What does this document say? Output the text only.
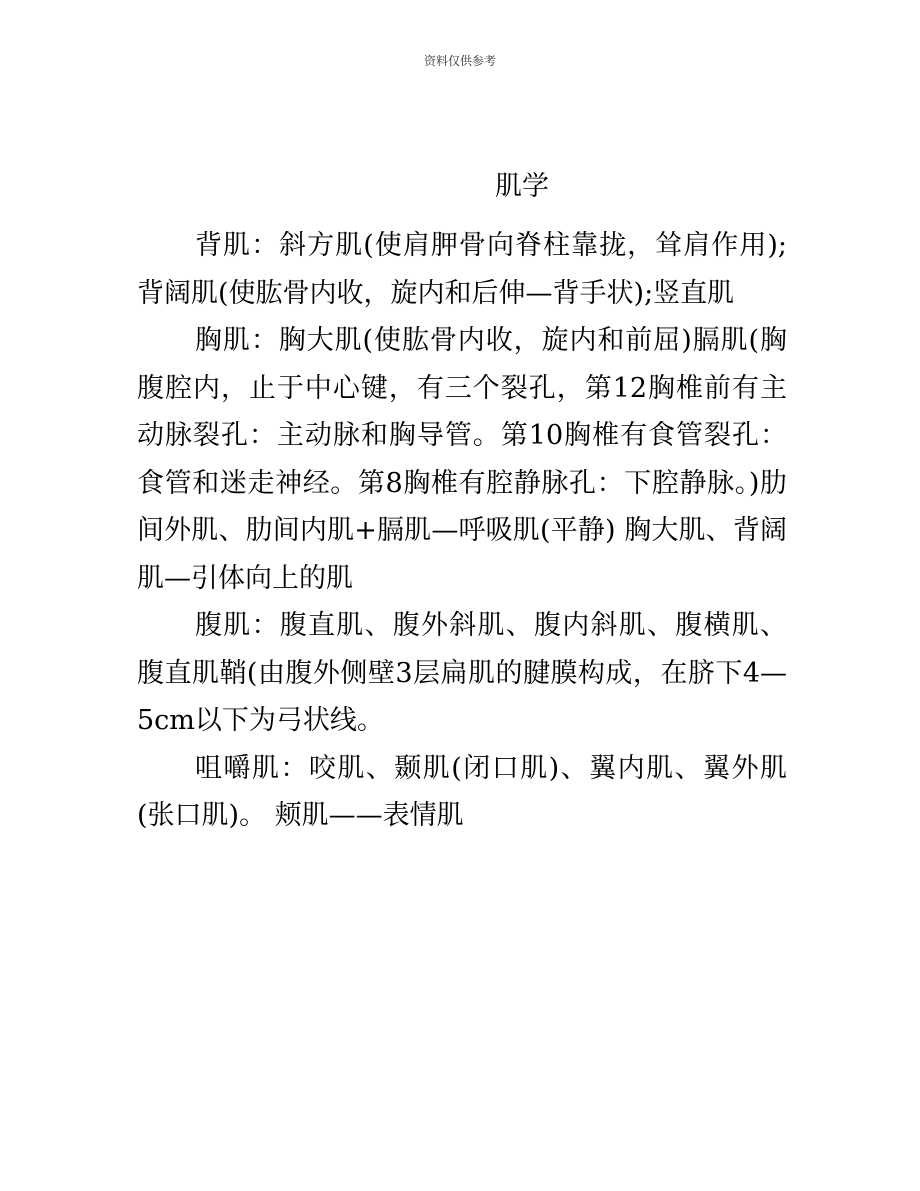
资料仅供参考
肌学

背肌：斜方肌(使肩胛骨向脊柱靠拢，耸肩作用);背阔肌(使肱骨内收，旋内和后伸—背手状);竖直肌

胸肌：胸大肌(使肱骨内收，旋内和前屈)膈肌(胸腹腔内，止于中心键，有三个裂孔，第12胸椎前有主动脉裂孔：主动脉和胸导管。第10胸椎有食管裂孔：食管和迷走神经。第8胸椎有腔静脉孔：下腔静脉。)肋间外肌、肋间内肌+膈肌—呼吸肌(平静) 胸大肌、背阔肌—引体向上的肌

腹肌：腹直肌、腹外斜肌、腹内斜肌、腹横肌、腹直肌鞘(由腹外侧壁3层扁肌的腱膜构成，在脐下4—5cm以下为弓状线。

咀嚼肌：咬肌、颞肌(闭口肌)、翼内肌、翼外肌(张口肌)。 颊肌——表情肌
